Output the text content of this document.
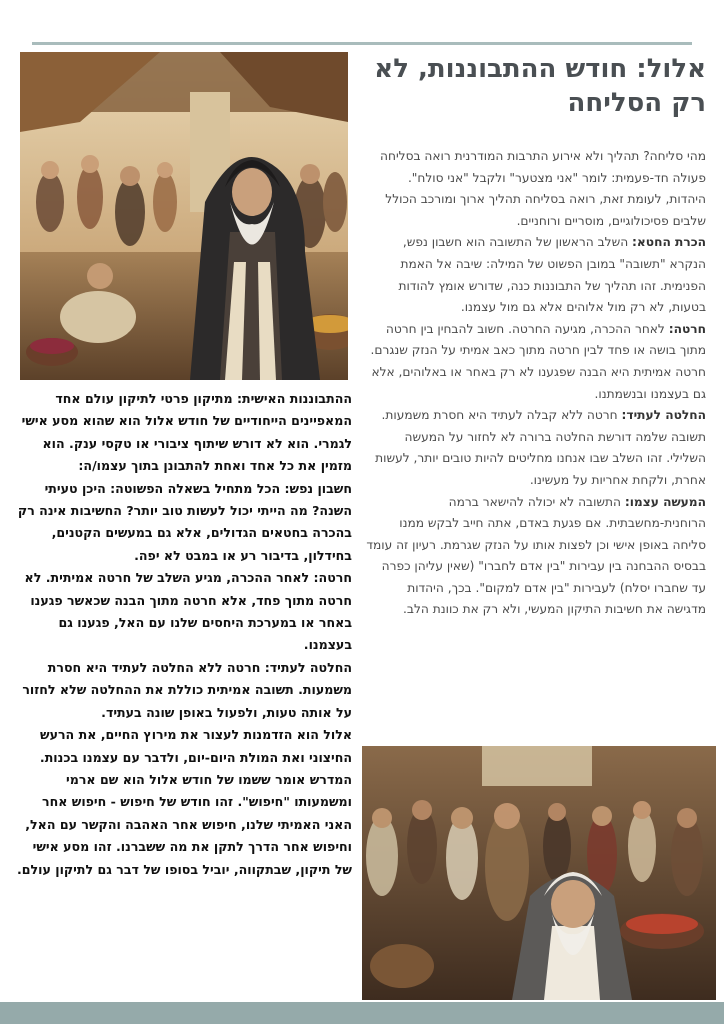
אלול: חודש ההתבוננות, לא רק הסליחה

מהי סליחה? תהליך ולא אירוע התרבות המודרנית רואה בסליחה פעולה חד-פעמית: לומר "אני מצטער" ולקבל "אני סולח". היהדות, לעומת זאת, רואה בסליחה תהליך ארוך ומורכב הכולל שלבים פסיכולוגיים, מוסריים ורוחניים.

הכרת החטא: השלב הראשון של התשובה הוא חשבון נפש, הנקרא "תשובה" במובן הפשוט של המילה: שיבה אל האמת הפנימית. זהו תהליך של התבוננות כנה, שדורש אומץ להודות בטעות, לא רק מול אלוהים אלא גם מול עצמנו.

חרטה: לאחר ההכרה, מגיעה החרטה. חשוב להבחין בין חרטה מתוך בושה או פחד לבין חרטה מתוך כאב אמיתי על הנזק שנגרם. חרטה אמיתית היא הבנה שפגענו לא רק באחר או באלוהים, אלא גם בעצמנו ובנשמתנו.

החלטה לעתיד: חרטה ללא קבלה לעתיד היא חסרת משמעות. תשובה שלמה דורשת החלטה ברורה לא לחזור על המעשה השלילי. זהו השלב שבו אנחנו מחליטים להיות טובים יותר, לעשות אחרת, ולקחת אחריות על מעשינו.

המעשה עצמו: התשובה לא יכולה להישאר ברמה הרוחנית-מחשבתית. אם פגעת באדם, אתה חייב לבקש ממנו סליחה באופן אישי וכן לפצות אותו על הנזק שגרמת. רעיון זה עומד בבסיס ההבחנה בין עבירות "בין אדם לחברו" (שאין עליהן כפרה עד שחברו יסלח) לעבירות "בין אדם למקום". בכך, היהדות מדגישה את חשיבות התיקון המעשי, ולא רק את כוונת הלב.

ההתבוננות האישית: מתיקון פרטי לתיקון עולם אחד המאפיינים הייחודיים של חודש אלול הוא שהוא מסע אישי לגמרי. הוא לא דורש שיתוף ציבורי או טקסי ענק. הוא מזמין את כל אחד ואחת להתבונן בתוך עצמו/ה:

חשבון נפש: הכל מתחיל בשאלה הפשוטה: היכן טעיתי השנה? מה הייתי יכול לעשות טוב יותר? החשיבות אינה רק בהכרה בחטאים הגדולים, אלא גם במעשים הקטנים, בחידלון, בדיבור רע או במבט לא יפה.

חרטה: לאחר ההכרה, מגיע השלב של חרטה אמיתית. לא חרטה מתוך פחד, אלא חרטה מתוך הבנה שכאשר פגענו באחר או במערכת היחסים שלנו עם האל, פגענו גם בעצמנו.

החלטה לעתיד: חרטה ללא החלטה לעתיד היא חסרת משמעות. תשובה אמיתית כוללת את ההחלטה שלא לחזור על אותה טעות, ולפעול באופן שונה בעתיד.

אלול הוא הזדמנות לעצור את מירוץ החיים, את הרעש החיצוני ואת המולת היום-יום, ולדבר עם עצמנו בכנות. המדרש אומר ששמו של חודש אלול הוא שם ארמי ומשמעותו "חיפוש". זהו חודש של חיפוש - חיפוש אחר האני האמיתי שלנו, חיפוש אחר האהבה והקשר עם האל, וחיפוש אחר הדרך לתקן את מה ששברנו. זהו מסע אישי של תיקון, שבתקווה, יוביל בסופו של דבר גם לתיקון עולם.
